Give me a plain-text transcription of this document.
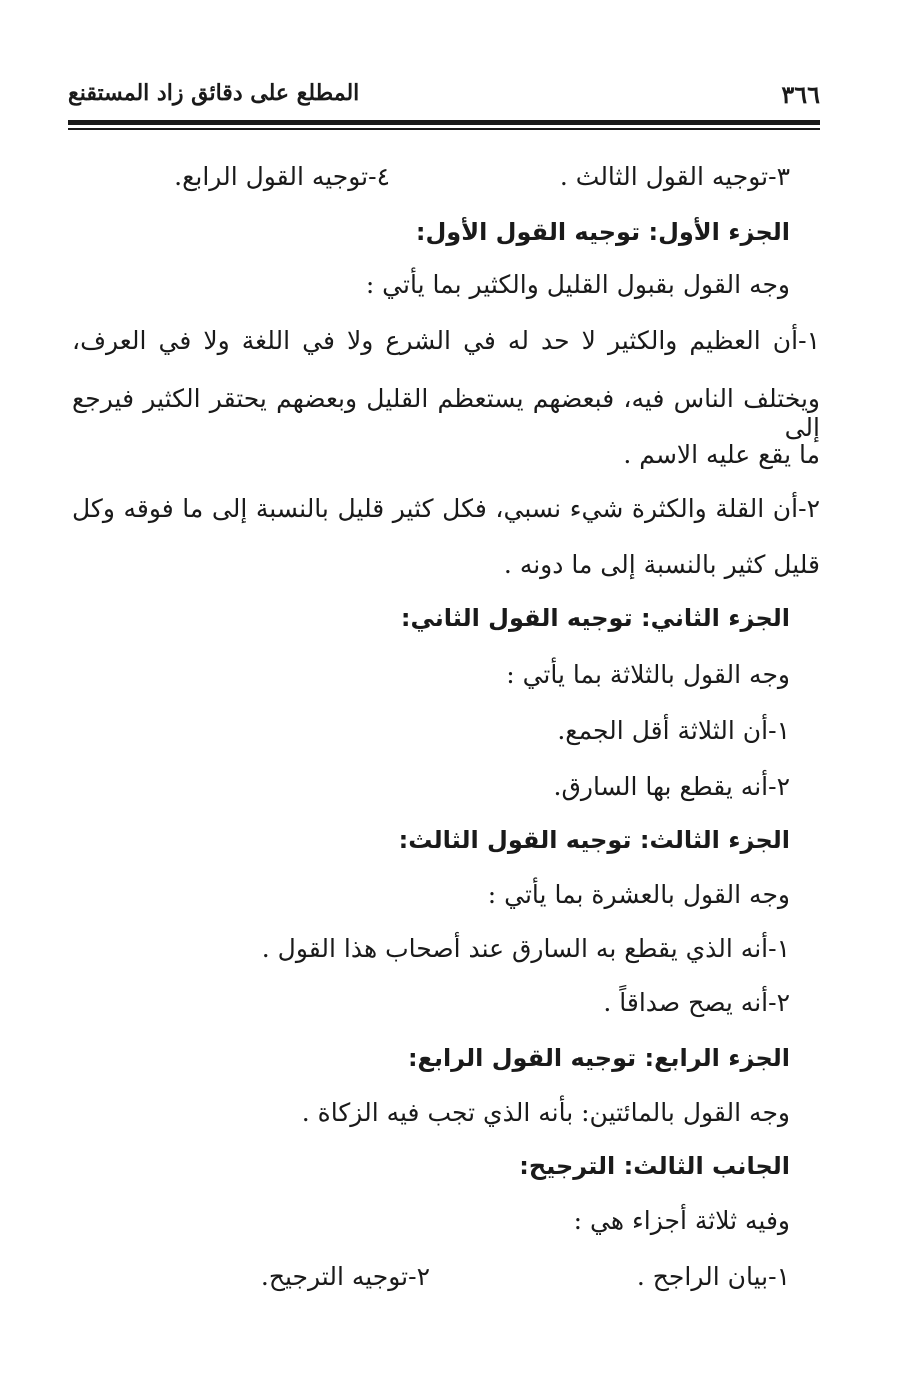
٣٦٦
المطلع على دقائق زاد المستقنع
٣-توجيه القول الثالث .
٤-توجيه القول الرابع.
الجزء الأول: توجيه القول الأول:
وجه القول بقبول القليل والكثير بما يأتي :
١-أن العظيم والكثير لا حد له في الشرع ولا في اللغة ولا في العرف،
ويختلف الناس فيه، فبعضهم يستعظم القليل وبعضهم يحتقر الكثير فيرجع إلى
ما يقع عليه الاسم .
٢-أن القلة والكثرة شيء نسبي، فكل كثير قليل بالنسبة إلى ما فوقه وكل
قليل كثير بالنسبة إلى ما دونه .
الجزء الثاني: توجيه القول الثاني:
وجه القول بالثلاثة بما يأتي :
١-أن الثلاثة أقل الجمع.
٢-أنه يقطع بها السارق.
الجزء الثالث: توجيه القول الثالث:
وجه القول بالعشرة بما يأتي :
١-أنه الذي يقطع به السارق عند أصحاب هذا القول .
٢-أنه يصح صداقاً .
الجزء الرابع: توجيه القول الرابع:
وجه القول بالمائتين: بأنه الذي تجب فيه الزكاة .
الجانب الثالث: الترجيح:
وفيه ثلاثة أجزاء هي :
١-بيان الراجح .
٢-توجيه الترجيح.
